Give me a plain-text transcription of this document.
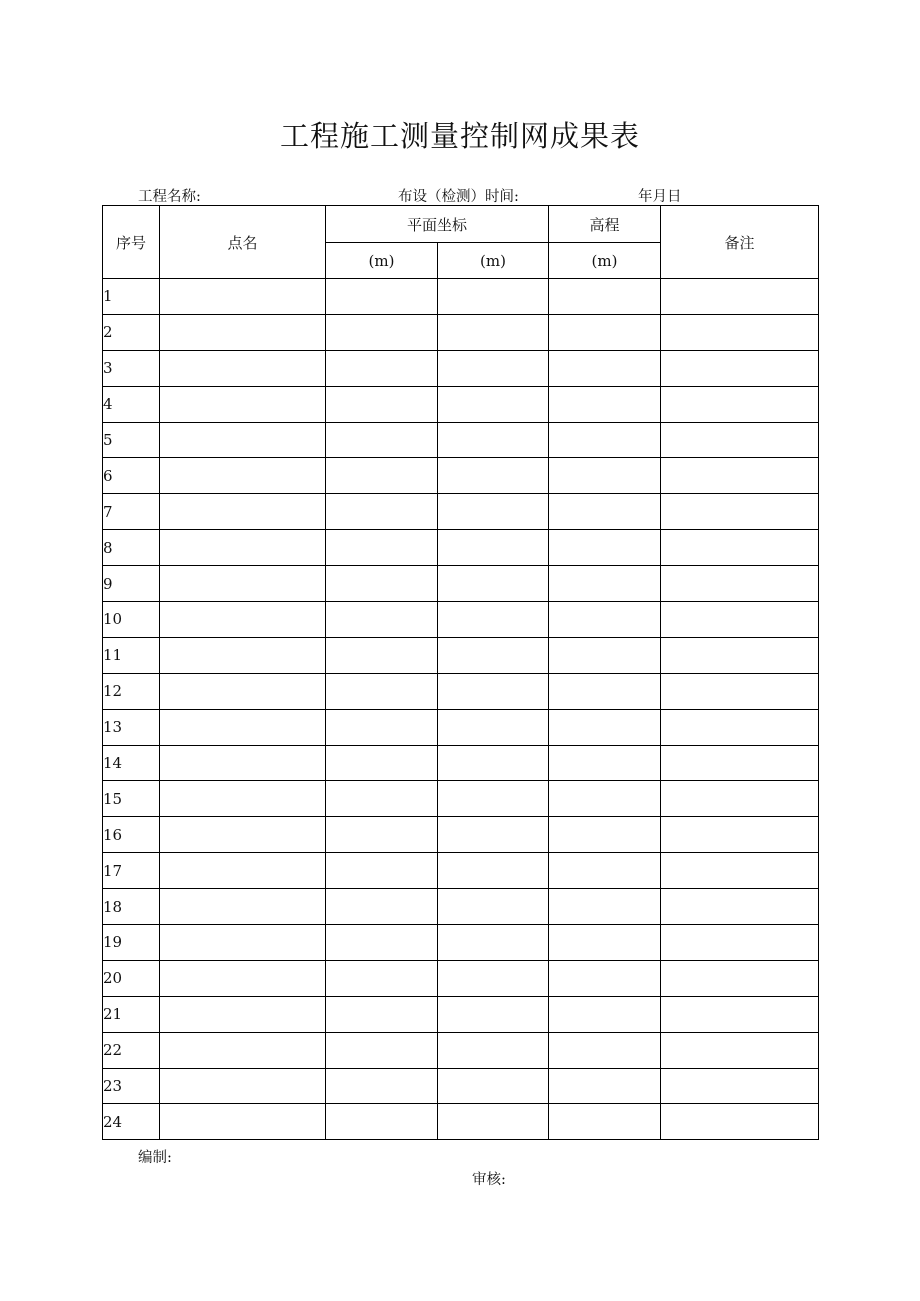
工程施工测量控制网成果表
工程名称:	布设（检测）时间:	年月日
序号	点名	平面坐标		高程	备注
		(m)	(m)	(m)	
1					
2					
3					
4					
5					
6					
7					
8					
9					
10					
11					
12					
13					
14					
15					
16					
17					
18					
19					
20					
21					
22					
23					
24					
编制:
审核:
